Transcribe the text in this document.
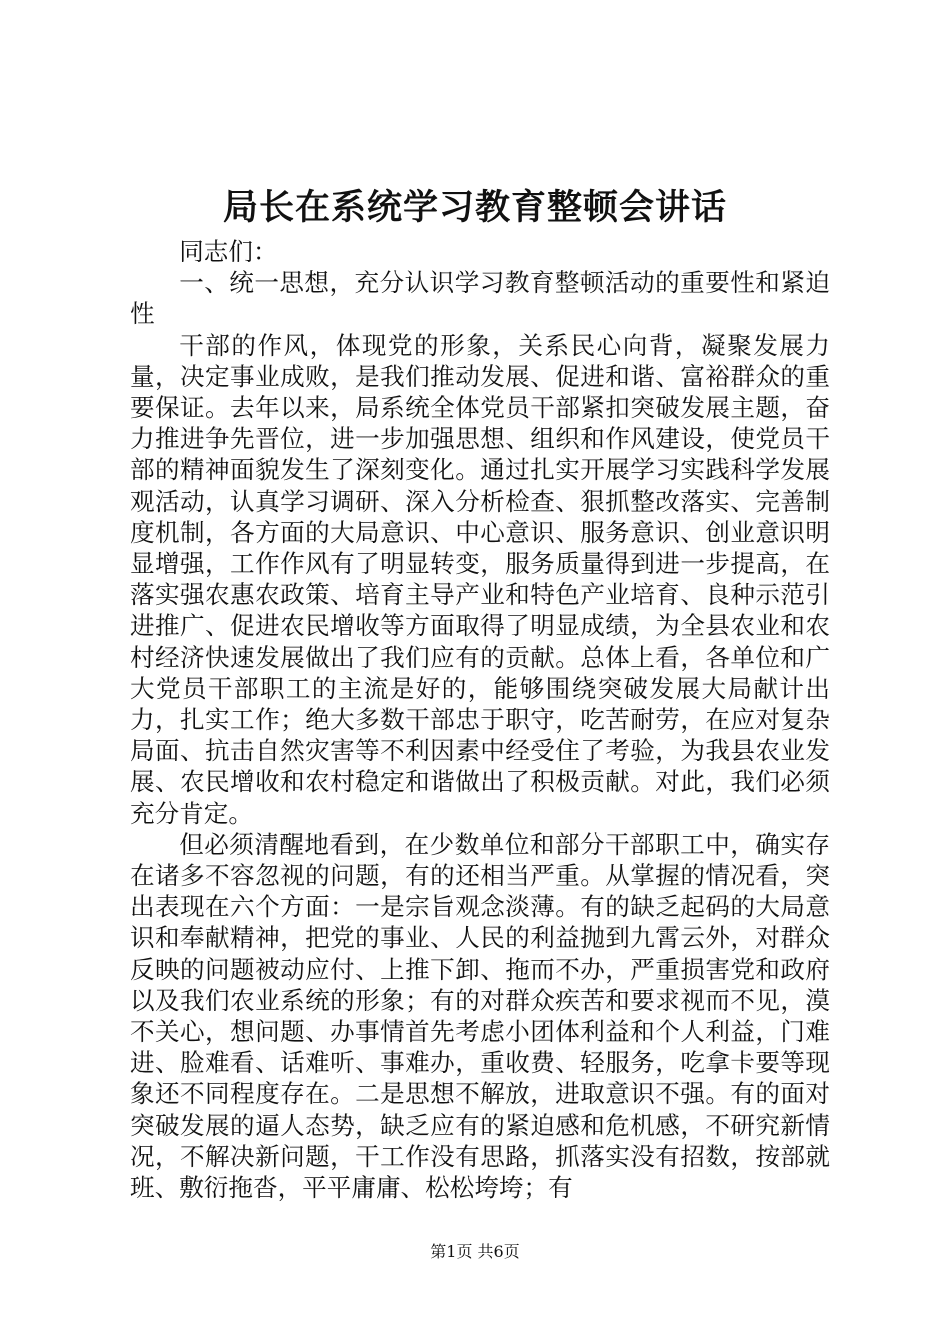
局长在系统学习教育整顿会讲话

同志们：

一、统一思想，充分认识学习教育整顿活动的重要性和紧迫性

干部的作风，体现党的形象，关系民心向背，凝聚发展力量，决定事业成败，是我们推动发展、促进和谐、富裕群众的重要保证。去年以来，局系统全体党员干部紧扣突破发展主题，奋力推进争先晋位，进一步加强思想、组织和作风建设，使党员干部的精神面貌发生了深刻变化。通过扎实开展学习实践科学发展观活动，认真学习调研、深入分析检查、狠抓整改落实、完善制度机制，各方面的大局意识、中心意识、服务意识、创业意识明显增强，工作作风有了明显转变，服务质量得到进一步提高，在落实强农惠农政策、培育主导产业和特色产业培育、良种示范引进推广、促进农民增收等方面取得了明显成绩，为全县农业和农村经济快速发展做出了我们应有的贡献。总体上看，各单位和广大党员干部职工的主流是好的，能够围绕突破发展大局献计出力，扎实工作；绝大多数干部忠于职守，吃苦耐劳，在应对复杂局面、抗击自然灾害等不利因素中经受住了考验，为我县农业发展、农民增收和农村稳定和谐做出了积极贡献。对此，我们必须充分肯定。

但必须清醒地看到，在少数单位和部分干部职工中，确实存在诸多不容忽视的问题，有的还相当严重。从掌握的情况看，突出表现在六个方面：一是宗旨观念淡薄。有的缺乏起码的大局意识和奉献精神，把党的事业、人民的利益抛到九霄云外，对群众反映的问题被动应付、上推下卸、拖而不办，严重损害党和政府以及我们农业系统的形象；有的对群众疾苦和要求视而不见，漠不关心，想问题、办事情首先考虑小团体利益和个人利益，门难进、脸难看、话难听、事难办，重收费、轻服务，吃拿卡要等现象还不同程度存在。二是思想不解放，进取意识不强。有的面对突破发展的逼人态势，缺乏应有的紧迫感和危机感，不研究新情况，不解决新问题，干工作没有思路，抓落实没有招数，按部就班、敷衍拖沓，平平庸庸、松松垮垮；有

第1页 共6页
